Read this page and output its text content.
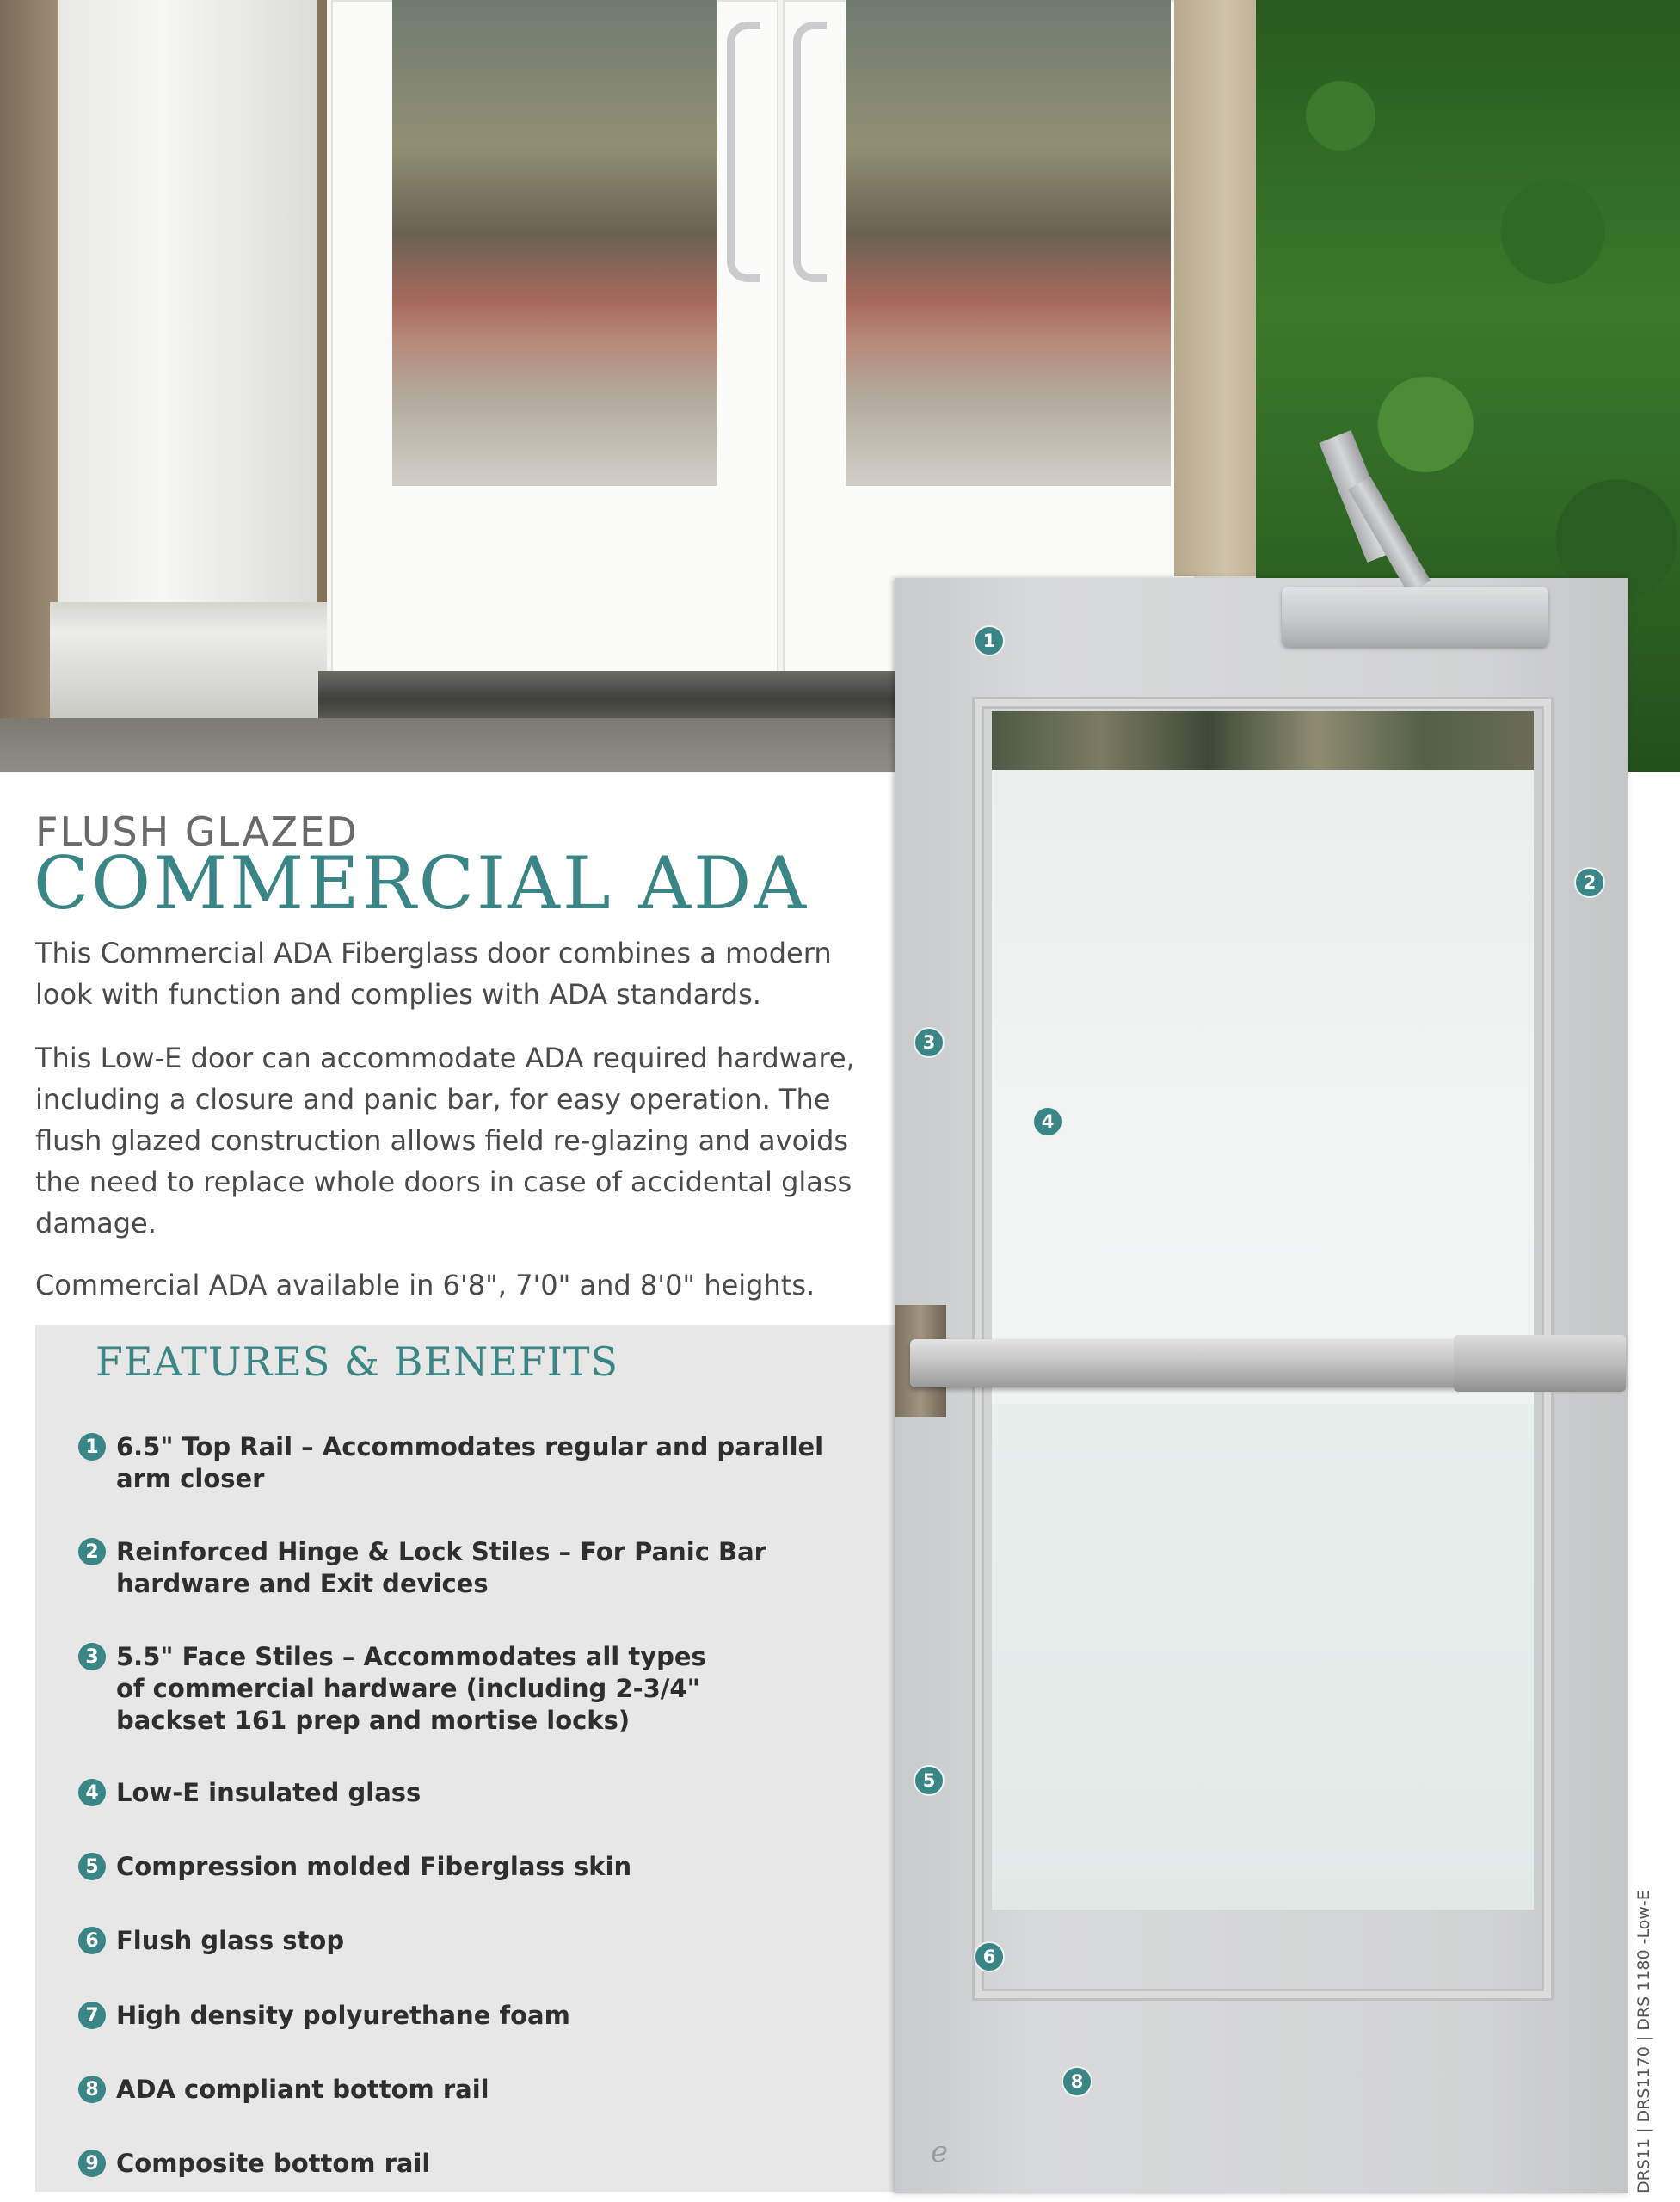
FLUSH GLAZED
COMMERCIAL ADA

This Commercial ADA Fiberglass door combines a modern look with function and complies with ADA standards.

This Low-E door can accommodate ADA required hardware, including a closure and panic bar, for easy operation. The flush glazed construction allows field re-glazing and avoids the need to replace whole doors in case of accidental glass damage.

Commercial ADA available in 6'8", 7'0" and 8'0" heights.

FEATURES & BENEFITS
1 6.5" Top Rail – Accommodates regular and parallel arm closer
2 Reinforced Hinge & Lock Stiles – For Panic Bar hardware and Exit devices
3 5.5" Face Stiles – Accommodates all types of commercial hardware (including 2-3/4" backset 161 prep and mortise locks)
4 Low-E insulated glass
5 Compression molded Fiberglass skin
6 Flush glass stop
7 High density polyurethane foam
8 ADA compliant bottom rail
9 Composite bottom rail
1
2
3
4
5
6
8
e	DRS11 | DRS1170 | DRS 1180 -Low-E
